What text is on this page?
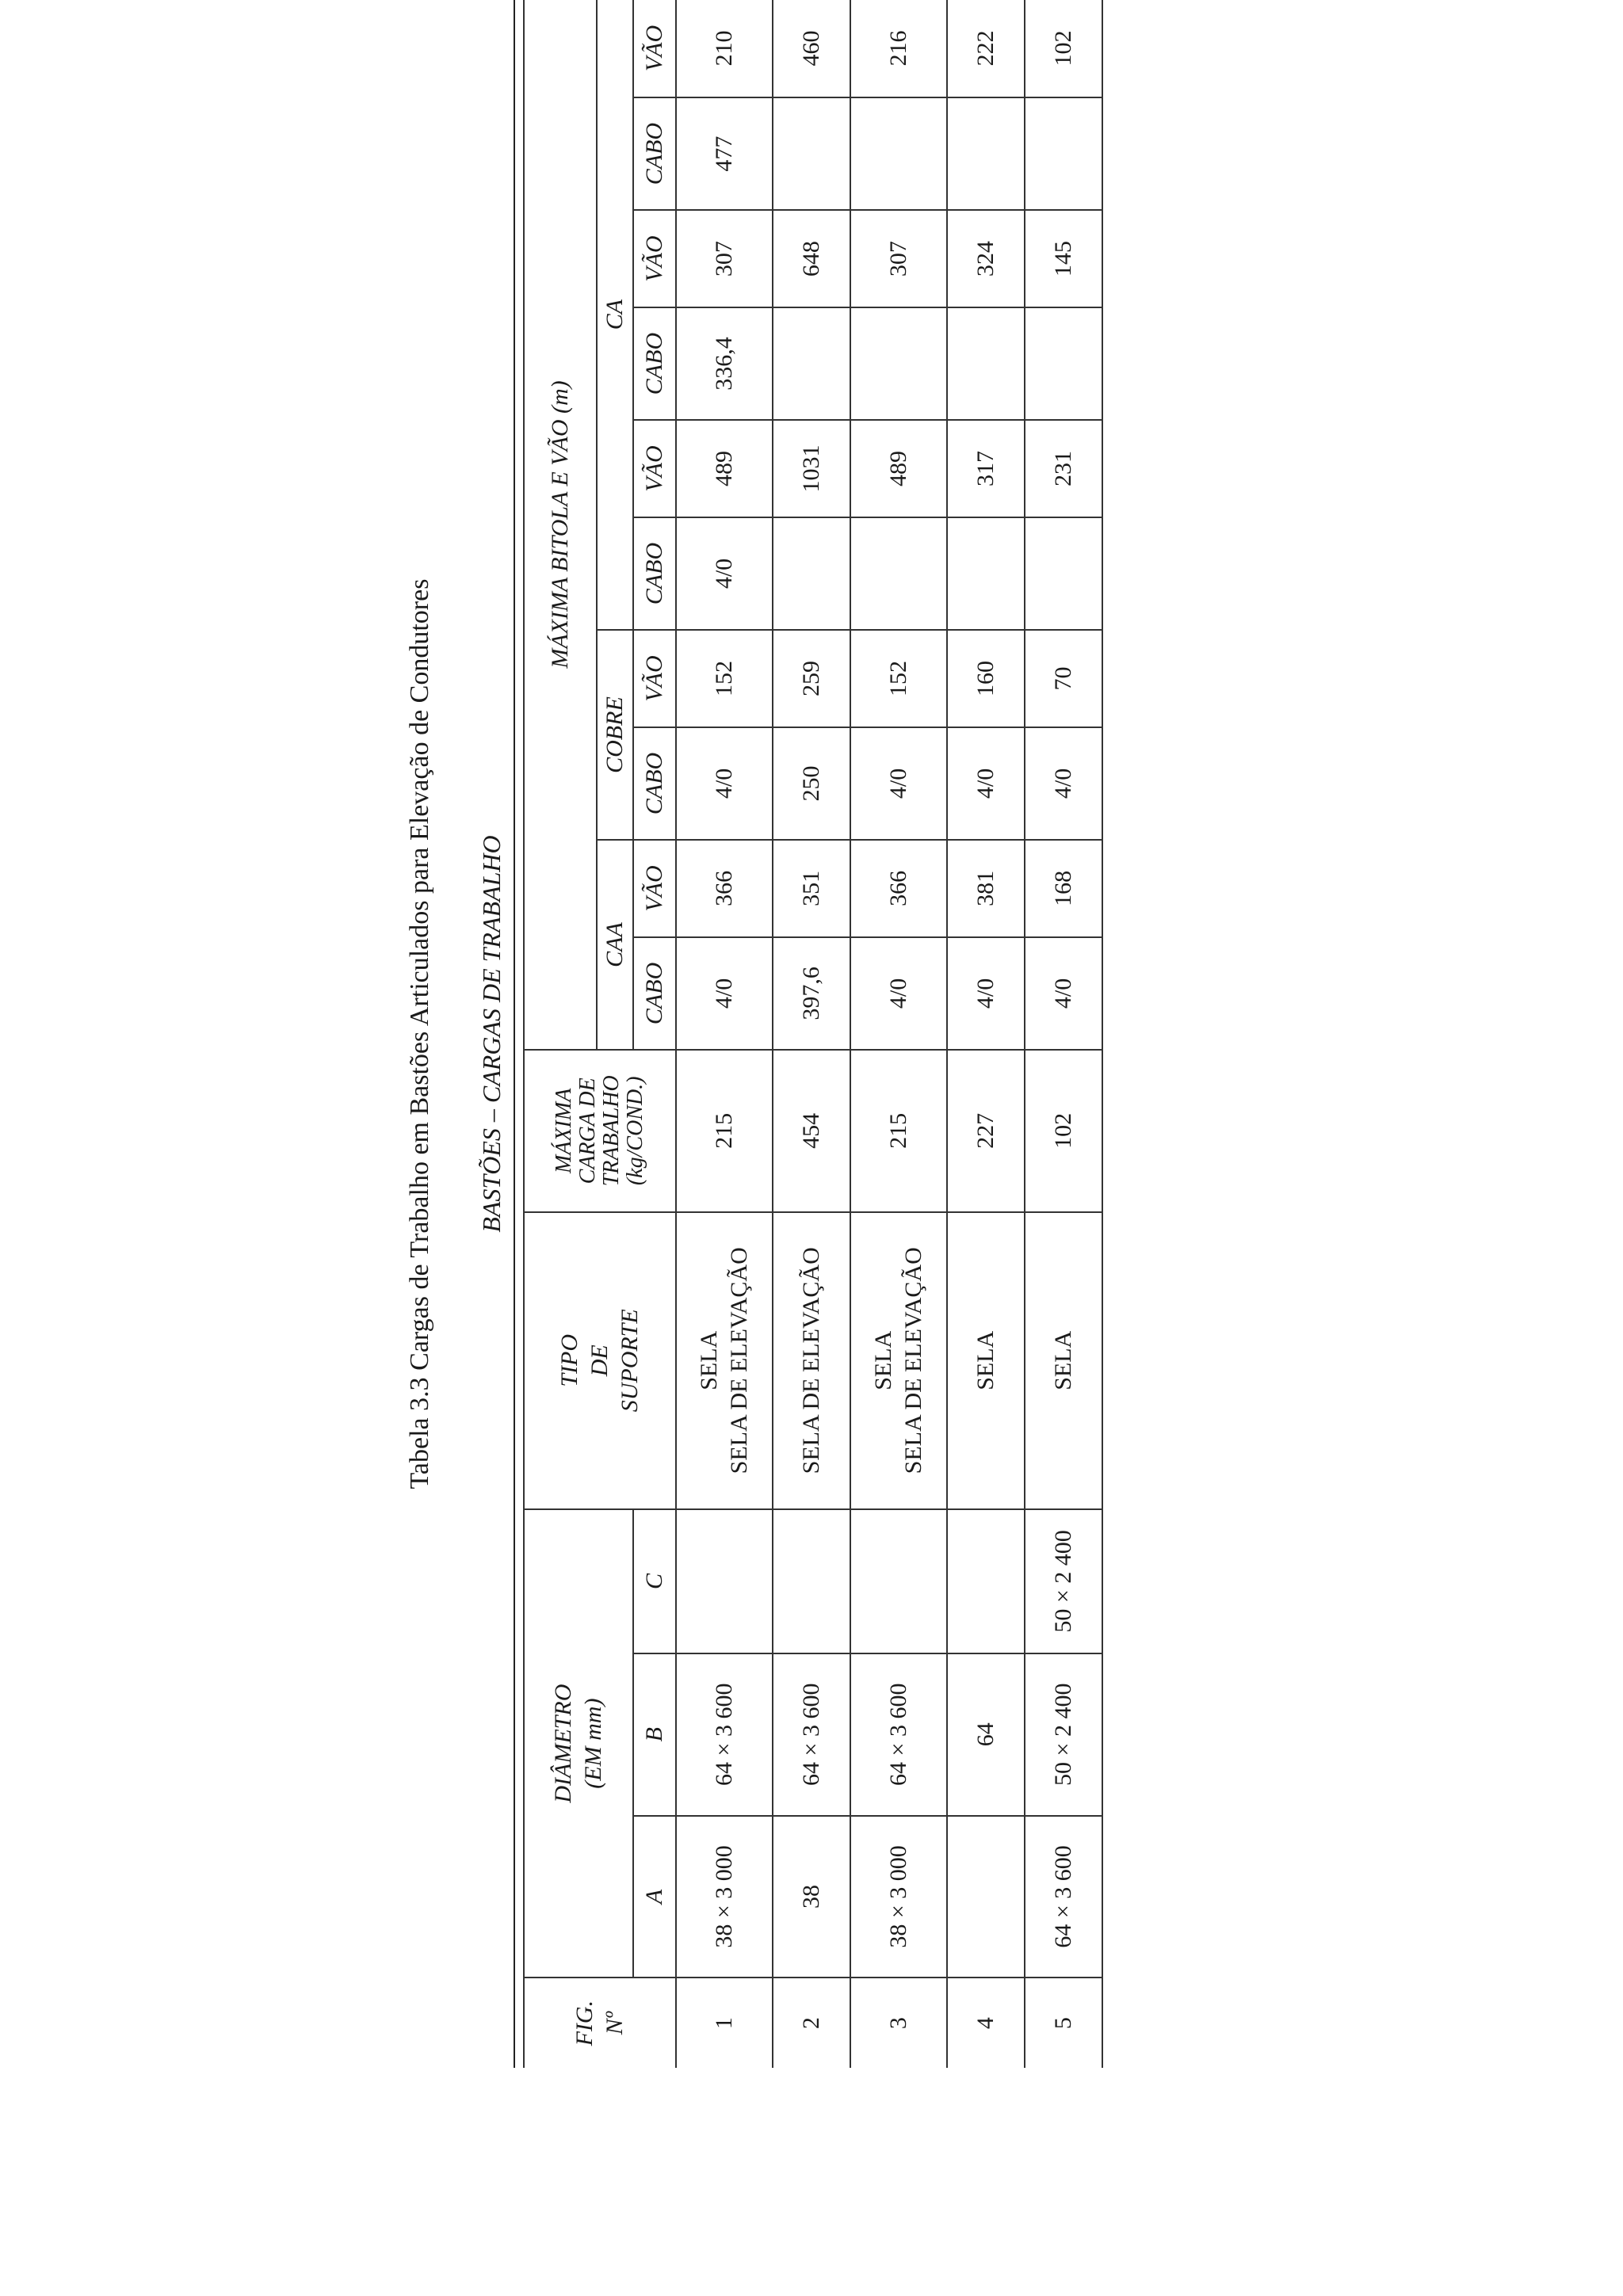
Tabela 3.3 Cargas de Trabalho em Bastões Articulados para Elevação de Condutores	BASTÕES – CARGAS DE TRABALHO
FIG. Nº	DIÂMETRO (EM mm)			TIPO DE SUPORTE	MÁXIMA CARGA DE TRABALHO (kg/COND.)	MÁXIMA BITOLA E VÃO (m)									
						CAA		COBRE		CA					
	A	B	C			CABO	VÃO	CABO	VÃO	CABO	VÃO	CABO	VÃO	CABO	VÃO
1	38 × 3 000	64 × 3 600		SELA SELA DE ELEVAÇÃO	215	4/0	366	4/0	152	4/0	489	336,4	307	477	210
2	38	64 × 3 600		SELA DE ELEVAÇÃO	454	397,6	351	250	259		1031		648		460
3	38 × 3 000	64 × 3 600		SELA SELA DE ELEVAÇÃO	215	4/0	366	4/0	152		489		307		216
4		64		SELA	227	4/0	381	4/0	160		317		324		222
5	64 × 3 600	50 × 2 400	50 × 2 400	SELA	102	4/0	168	4/0	70		231		145		102
